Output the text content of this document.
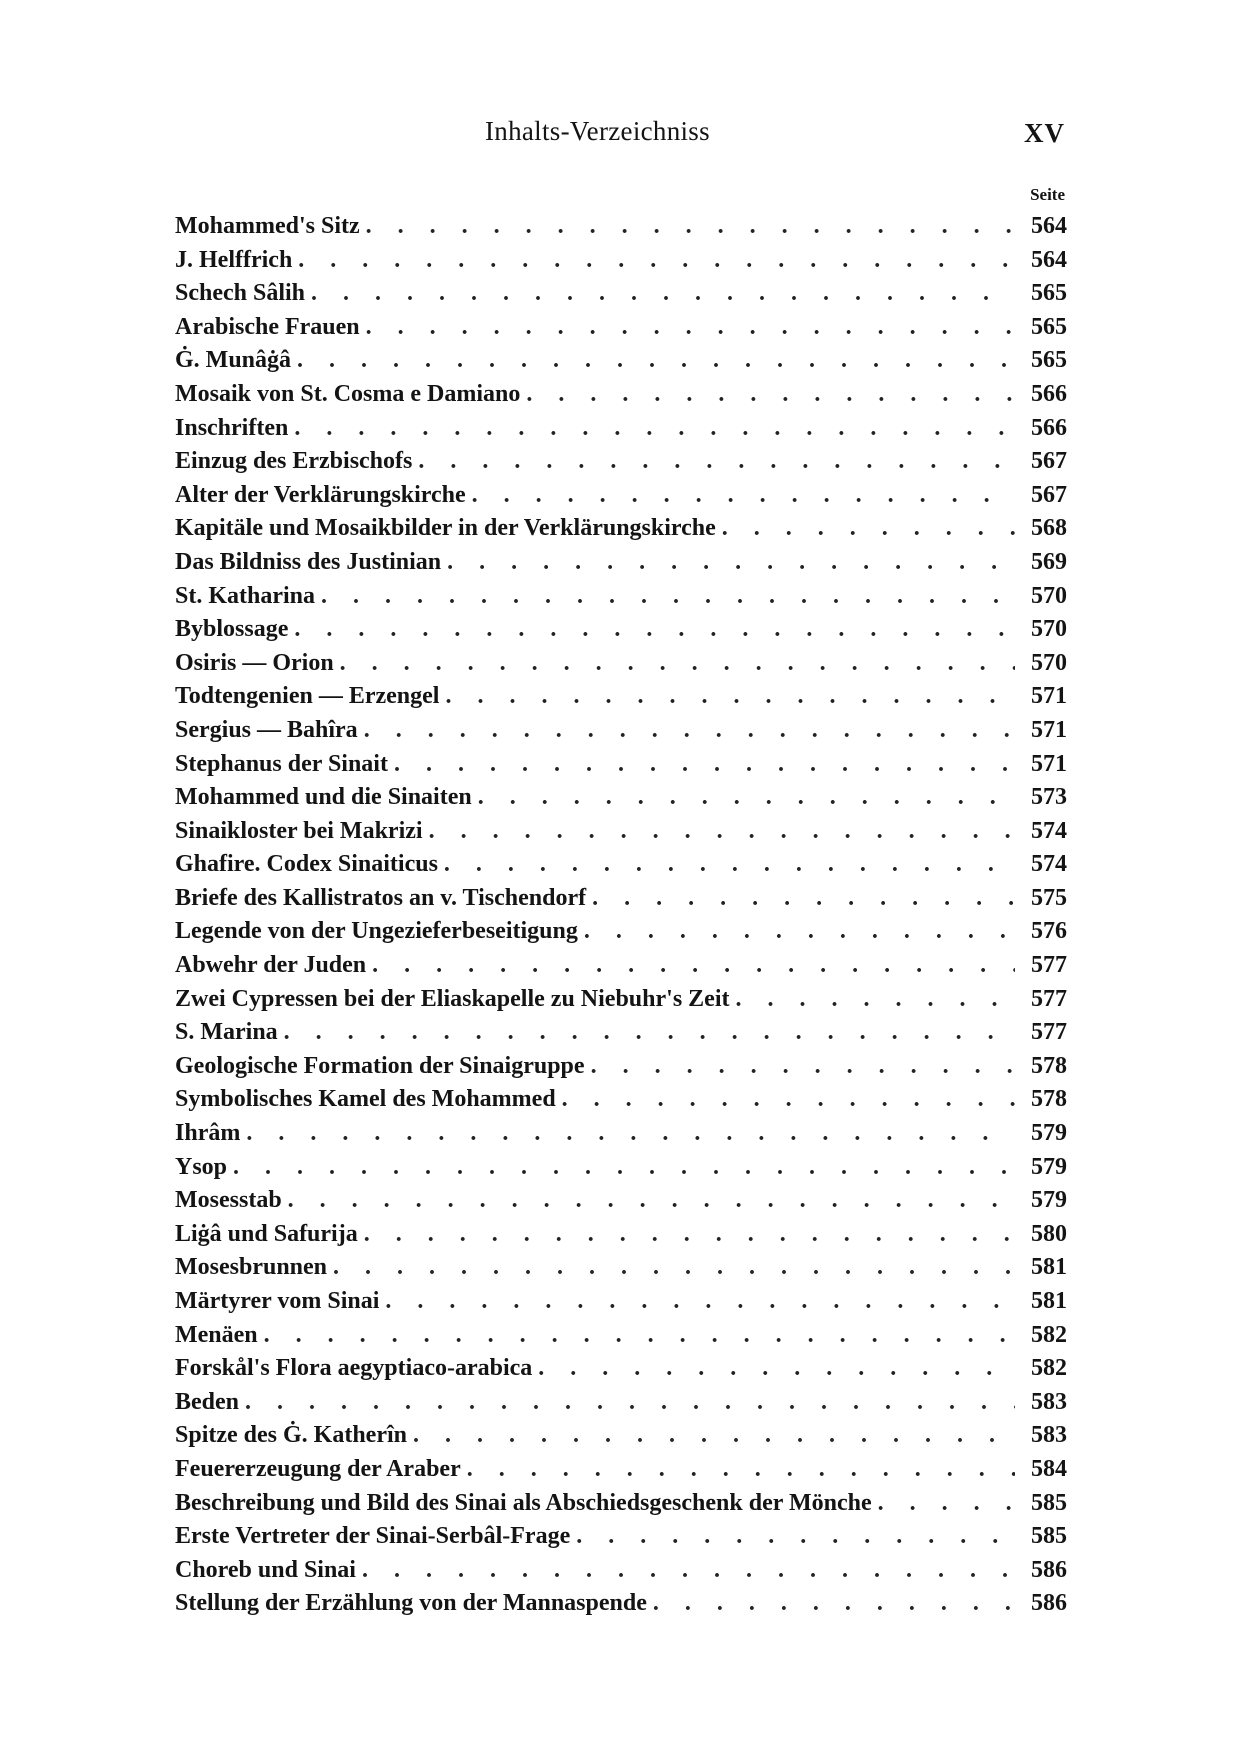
Inhalts-Verzeichniss	XV
Seite
Mohammed's Sitz . . .	564
J. Helffrich . . .	564
Schech Sâlih . . .	565
Arabische Frauen . . .	565
Ġ. Munâġâ . . .	565
Mosaik von St. Cosma e Damiano . . .	566
Inschriften . . .	566
Einzug des Erzbischofs . . .	567
Alter der Verklärungskirche . . .	567
Kapitäle und Mosaikbilder in der Verklärungskirche . . .	568
Das Bildniss des Justinian . . .	569
St. Katharina . . .	570
Byblossage . . .	570
Osiris — Orion . . .	570
Todtengenien — Erzengel . . .	571
Sergius — Bahîra . . .	571
Stephanus der Sinait . . .	571
Mohammed und die Sinaiten . . .	573
Sinaikloster bei Makrizi . . .	574
Ghafire. Codex Sinaiticus . . .	574
Briefe des Kallistratos an v. Tischendorf . . .	575
Legende von der Ungezieferbeseitigung . . .	576
Abwehr der Juden . . .	577
Zwei Cypressen bei der Eliaskapelle zu Niebuhr's Zeit . . .	577
S. Marina . . .	577
Geologische Formation der Sinaigruppe . . .	578
Symbolisches Kamel des Mohammed . . .	578
Ihrâm . . .	579
Ysop . . .	579
Mosesstab . . .	579
Liġâ und Safurija . . .	580
Mosesbrunnen . . .	581
Märtyrer vom Sinai . . .	581
Menäen . . .	582
Forskål's Flora aegyptiaco-arabica . . .	582
Beden . . .	583
Spitze des Ġ. Katherîn . . .	583
Feuererzeugung der Araber . . .	584
Beschreibung und Bild des Sinai als Abschiedsgeschenk der Mönche . . .	585
Erste Vertreter der Sinai-Serbâl-Frage . . .	585
Choreb und Sinai . . .	586
Stellung der Erzählung von der Mannaspende . . .	586
